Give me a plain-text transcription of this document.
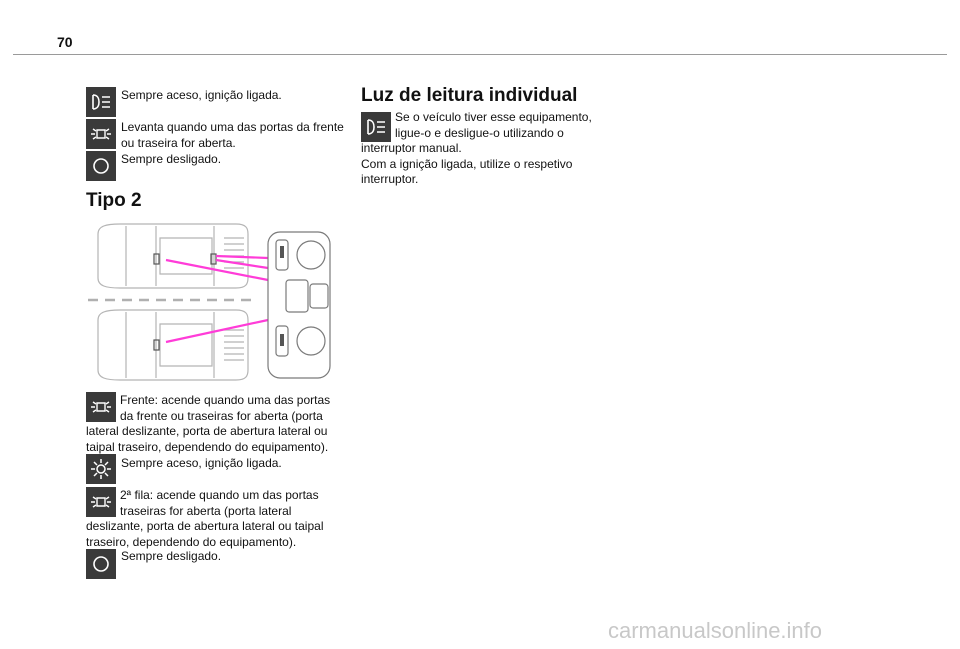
70
Sempre aceso, ignição ligada.
Levanta quando uma das portas da frente
ou traseira for aberta.
Sempre desligado.
Tipo 2
Frente: acende quando uma das portas
da frente ou traseiras for aberta (porta
lateral deslizante, porta de abertura lateral ou
taipal traseiro, dependendo do equipamento).
Sempre aceso, ignição ligada.
2ª fila: acende quando um das portas
traseiras for aberta (porta lateral
deslizante, porta de abertura lateral ou taipal
traseiro, dependendo do equipamento).
Sempre desligado.
Luz de leitura individual
Se o veículo tiver esse equipamento,
ligue-o e desligue-o utilizando o
interruptor manual.
Com a ignição ligada, utilize o respetivo
interruptor.
carmanualsonline.info
